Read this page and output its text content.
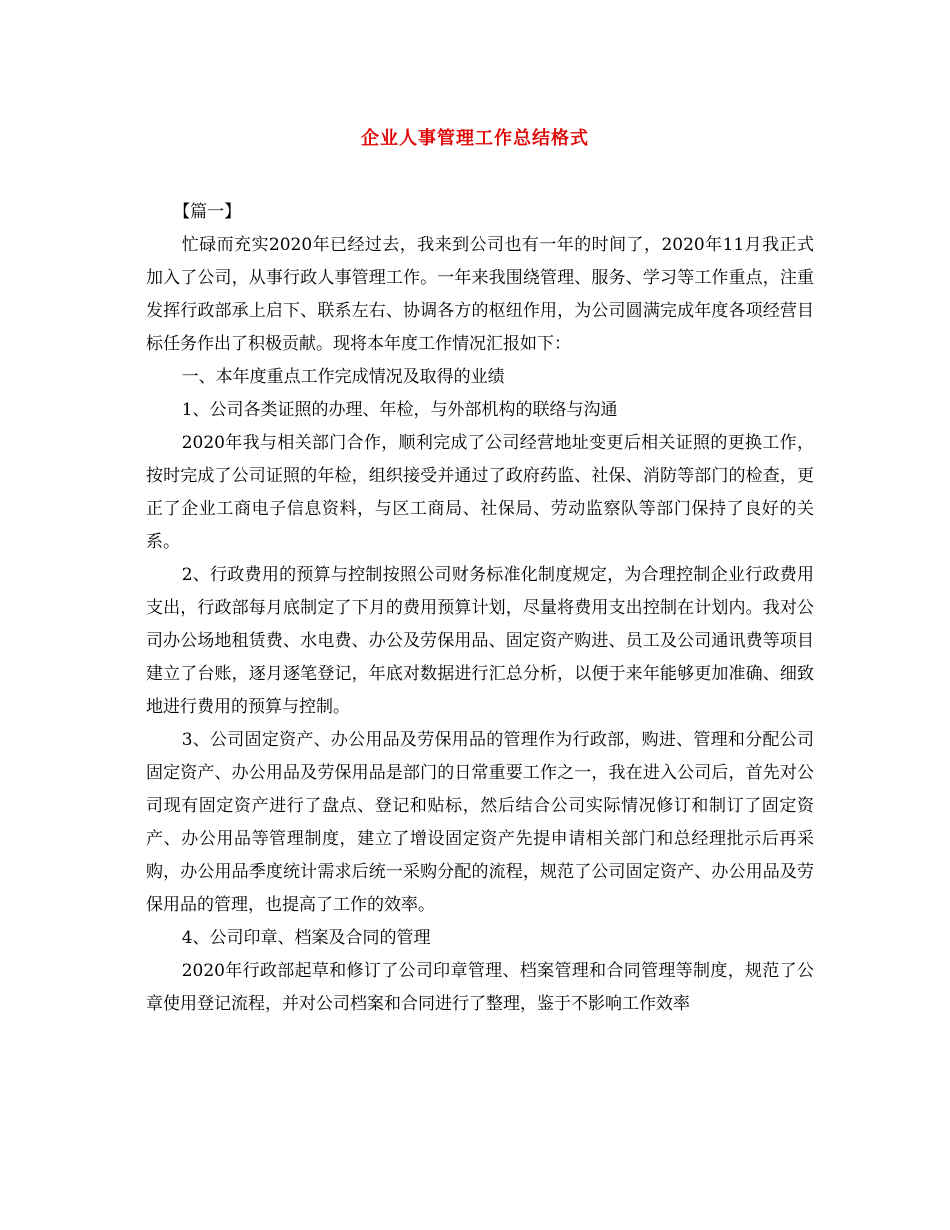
企业人事管理工作总结格式

【篇一】

忙碌而充实2020年已经过去，我来到公司也有一年的时间了，2020年11月我正式加入了公司，从事行政人事管理工作。一年来我围绕管理、服务、学习等工作重点，注重发挥行政部承上启下、联系左右、协调各方的枢纽作用，为公司圆满完成年度各项经营目标任务作出了积极贡献。现将本年度工作情况汇报如下：

一、本年度重点工作完成情况及取得的业绩

1、公司各类证照的办理、年检，与外部机构的联络与沟通

2020年我与相关部门合作，顺利完成了公司经营地址变更后相关证照的更换工作，按时完成了公司证照的年检，组织接受并通过了政府药监、社保、消防等部门的检查，更正了企业工商电子信息资料，与区工商局、社保局、劳动监察队等部门保持了良好的关系。

2、行政费用的预算与控制按照公司财务标准化制度规定，为合理控制企业行政费用支出，行政部每月底制定了下月的费用预算计划，尽量将费用支出控制在计划内。我对公司办公场地租赁费、水电费、办公及劳保用品、固定资产购进、员工及公司通讯费等项目建立了台账，逐月逐笔登记，年底对数据进行汇总分析，以便于来年能够更加准确、细致地进行费用的预算与控制。

3、公司固定资产、办公用品及劳保用品的管理作为行政部，购进、管理和分配公司固定资产、办公用品及劳保用品是部门的日常重要工作之一，我在进入公司后，首先对公司现有固定资产进行了盘点、登记和贴标，然后结合公司实际情况修订和制订了固定资产、办公用品等管理制度，建立了增设固定资产先提申请相关部门和总经理批示后再采购，办公用品季度统计需求后统一采购分配的流程，规范了公司固定资产、办公用品及劳保用品的管理，也提高了工作的效率。

4、公司印章、档案及合同的管理

2020年行政部起草和修订了公司印章管理、档案管理和合同管理等制度，规范了公章使用登记流程，并对公司档案和合同进行了整理，鉴于不影响工作效率
